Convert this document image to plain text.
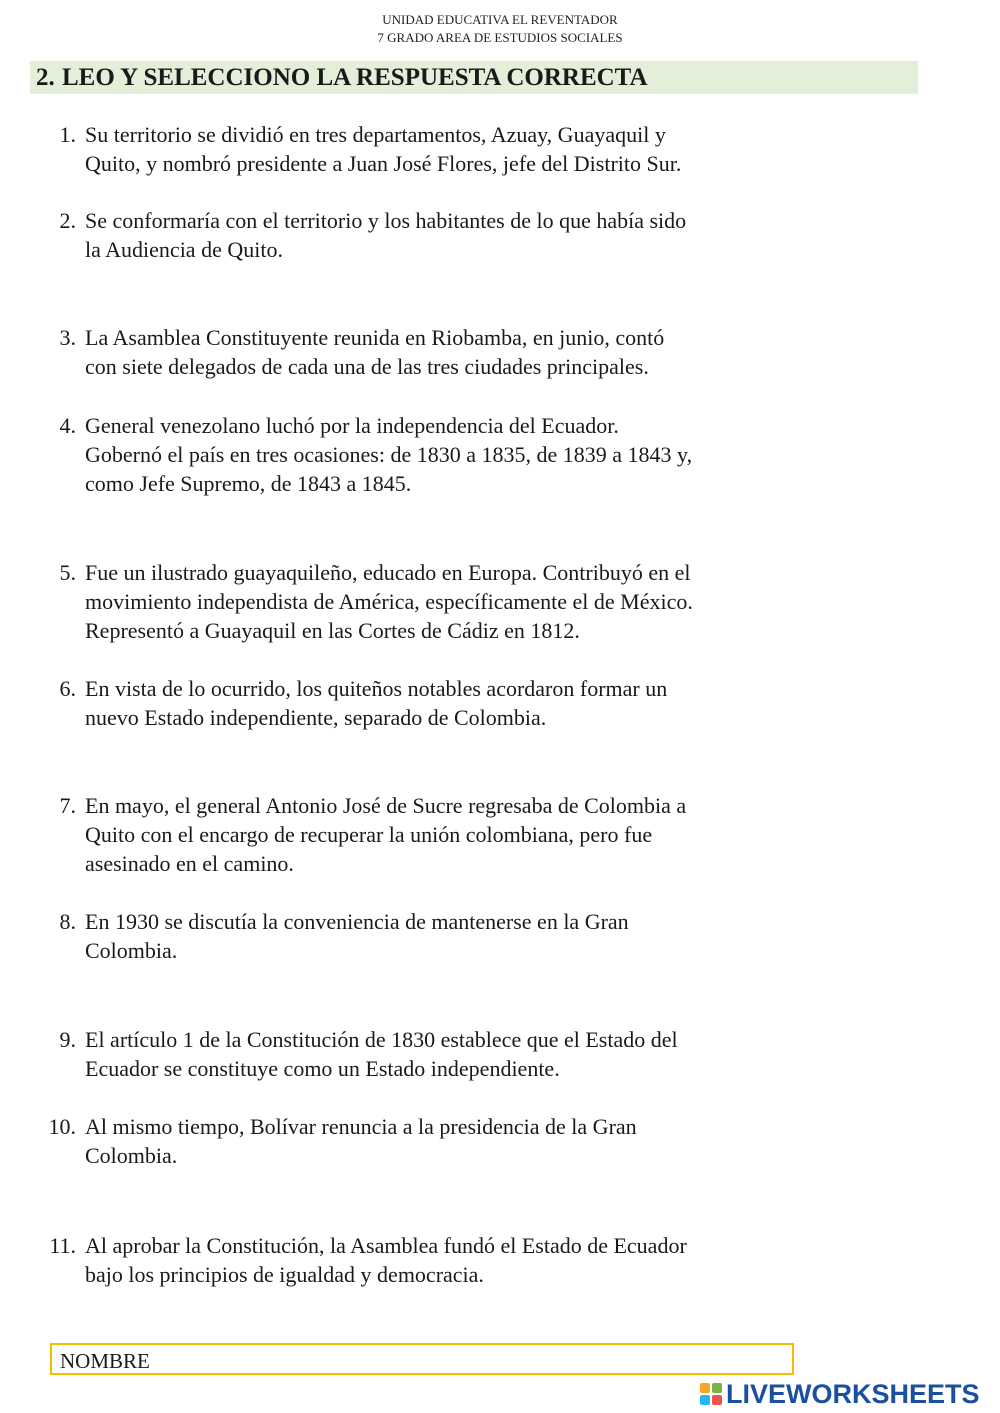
UNIDAD EDUCATIVA EL REVENTADOR
7 GRADO AREA DE ESTUDIOS SOCIALES
2. LEO Y SELECCIONO LA RESPUESTA CORRECTA
1. Su territorio se dividió en tres departamentos, Azuay, Guayaquil y
Quito, y nombró presidente a Juan José Flores, jefe del Distrito Sur.
2. Se conformaría con el territorio y los habitantes de lo que había sido
la Audiencia de Quito.
3. La Asamblea Constituyente reunida en Riobamba, en junio, contó
con siete delegados de cada una de las tres ciudades principales.
4. General venezolano luchó por la independencia del Ecuador.
Gobernó el país en tres ocasiones: de 1830 a 1835, de 1839 a 1843 y,
como Jefe Supremo, de 1843 a 1845.
5. Fue un ilustrado guayaquileño, educado en Europa. Contribuyó en el
movimiento independista de América, específicamente el de México.
Representó a Guayaquil en las Cortes de Cádiz en 1812.
6. En vista de lo ocurrido, los quiteños notables acordaron formar un
nuevo Estado independiente, separado de Colombia.
7. En mayo, el general Antonio José de Sucre regresaba de Colombia a
Quito con el encargo de recuperar la unión colombiana, pero fue
asesinado en el camino.
8. En 1930 se discutía la conveniencia de mantenerse en la Gran
Colombia.
9. El artículo 1 de la Constitución de 1830 establece que el Estado del
Ecuador se constituye como un Estado independiente.
10. Al mismo tiempo, Bolívar renuncia a la presidencia de la Gran
Colombia.
11. Al aprobar la Constitución, la Asamblea fundó el Estado de Ecuador
bajo los principios de igualdad y democracia.
NOMBRE
LIVEWORKSHEETS
